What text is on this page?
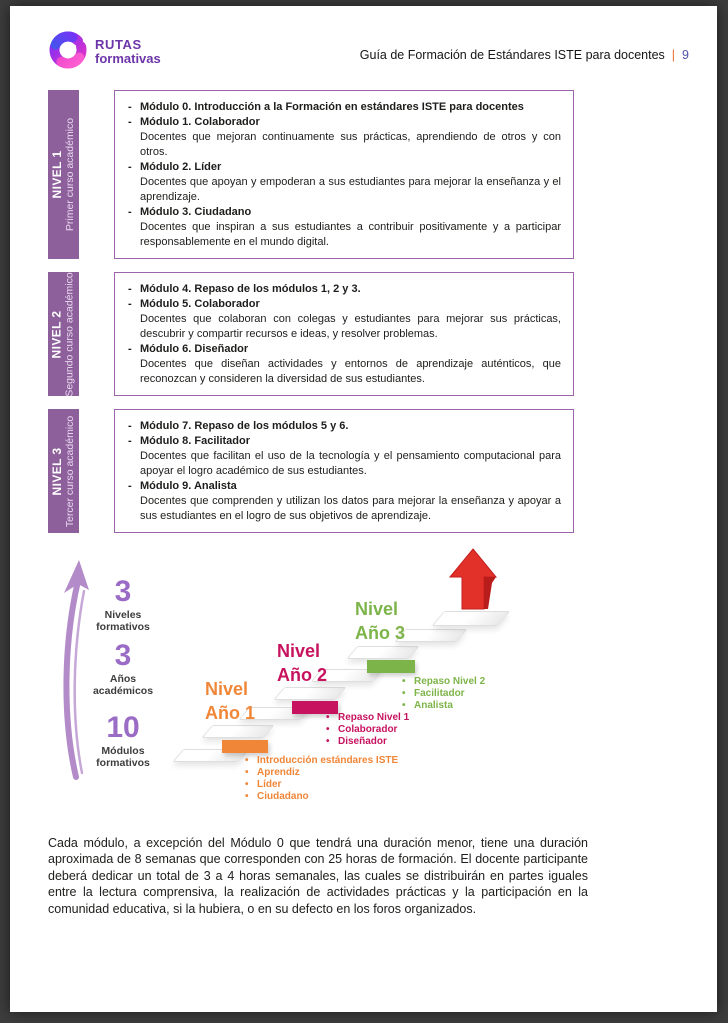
RUTAS
formativas	Guía de Formación de Estándares ISTE para docentes | 9
NIVEL 1 Primer curso académico
- Módulo 0. Introducción a la Formación en estándares ISTE para docentes
- Módulo 1. Colaborador
Docentes que mejoran continuamente sus prácticas, aprendiendo de otros y con otros.
- Módulo 2. Líder
Docentes que apoyan y empoderan a sus estudiantes para mejorar la enseñanza y el aprendizaje.
- Módulo 3. Ciudadano
Docentes que inspiran a sus estudiantes a contribuir positivamente y a participar responsablemente en el mundo digital.
NIVEL 2 Segundo curso académico	- Módulo 4. Repaso de los módulos 1, 2 y 3.
- Módulo 5. Colaborador
Docentes que colaboran con colegas y estudiantes para mejorar sus prácticas, descubrir y compartir recursos e ideas, y resolver problemas.
- Módulo 6. Diseñador
Docentes que diseñan actividades y entornos de aprendizaje auténticos, que reconozcan y consideren la diversidad de sus estudiantes.
NIVEL 3 Tercer curso académico	- Módulo 7. Repaso de los módulos 5 y 6.
- Módulo 8. Facilitador
Docentes que facilitan el uso de la tecnología y el pensamiento computacional para apoyar el logro académico de sus estudiantes.
- Módulo 9. Analista
Docentes que comprenden y utilizan los datos para mejorar la enseñanza y apoyar a sus estudiantes en el logro de sus objetivos de aprendizaje.
3
Niveles
formativos
3
Años
académicos
10
Módulos
formativos
Nivel
Año 1
Nivel
Año 2
Nivel
Año 3
• Introducción estándares ISTE
• Aprendiz
• Líder
• Ciudadano
• Repaso Nivel 1
• Colaborador
• Diseñador
• Repaso Nivel 2
• Facilitador
• Analista

Cada módulo, a excepción del Módulo 0 que tendrá una duración menor, tiene una duración aproximada de 8 semanas que corresponden con 25 horas de formación. El docente participante deberá dedicar un total de 3 a 4 horas semanales, las cuales se distribuirán en partes iguales entre la lectura comprensiva, la realización de actividades prácticas y la participación en la comunidad educativa, si la hubiera, o en su defecto en los foros organizados.
